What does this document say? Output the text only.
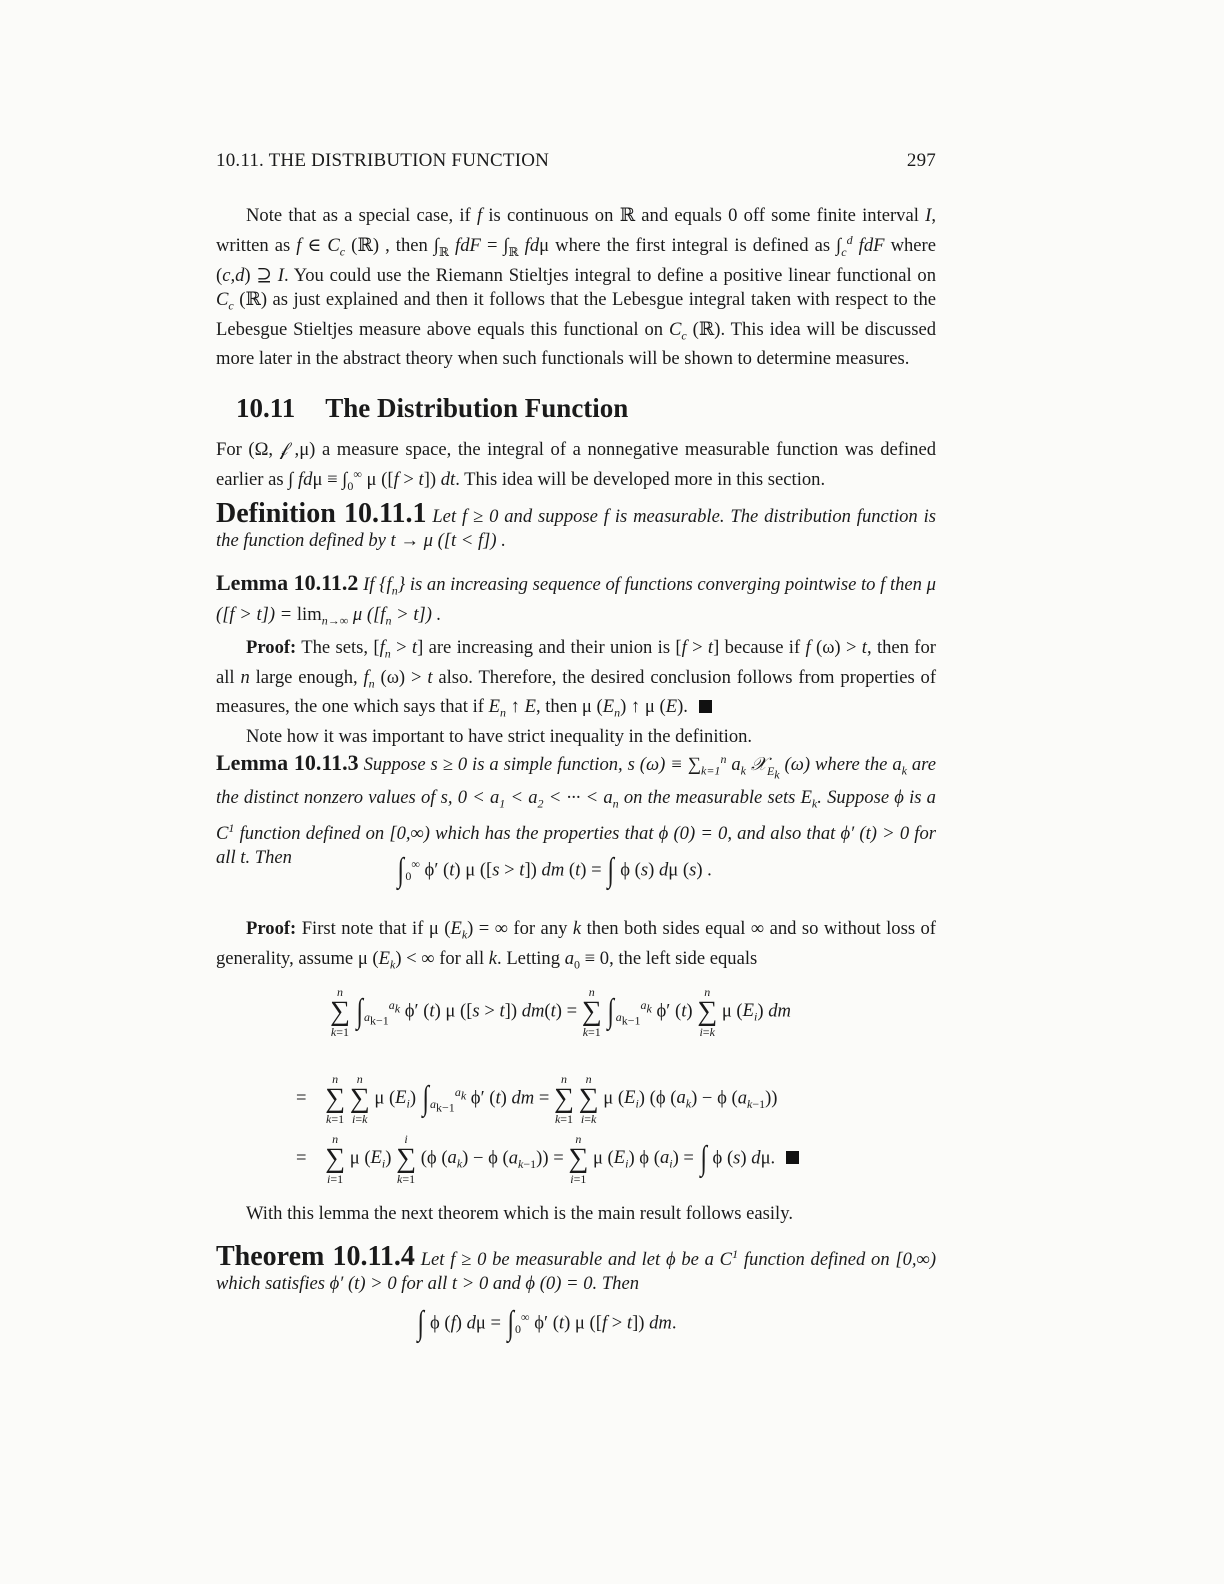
10.11. THE DISTRIBUTION FUNCTION	297

Note that as a special case, if f is continuous on ℝ and equals 0 off some finite interval I, written as f ∈ $C_c$ (ℝ) , then $\int_ℝ$ fdF = $\int_ℝ$ fdμ where the first integral is defined as $\int_c^d$ fdF where (c,d) ⊇ I. You could use the Riemann Stieltjes integral to define a positive linear functional on $C_c$ (ℝ) as just explained and then it follows that the Lebesgue integral taken with respect to the Lebesgue Stieltjes measure above equals this functional on $C_c$ (ℝ). This idea will be discussed more later in the abstract theory when such functionals will be shown to determine measures.

10.11 The Distribution Function

For (Ω, 𝒻 ,μ) a measure space, the integral of a nonnegative measurable function was defined earlier as ∫ $fd\mu \equiv \int_0^\infty$ μ ([f > t]) dt. This idea will be developed more in this section.

Definition 10.11.1 Let f ≥ 0 and suppose f is measurable. The distribution function is the function defined by t → μ ([t < f]) .

Lemma 10.11.2 If $\{f_n\}$ is an increasing sequence of functions converging pointwise to f then μ $([f > t]) = \lim_{n\to\infty} \mu$ $([f_n > t])$ .

Proof: The sets, $[f_n > t]$ are increasing and their union is [f > t] because if f (ω) > t, then for all n large enough, $f_n$ (ω) > t also. Therefore, the desired conclusion follows from properties of measures, the one which says that if $E_n$ ↑ E, then μ $(E_n)$ ↑ μ (E).

Note how it was important to have strict inequality in the definition.

Lemma 10.11.3 Suppose s ≥ 0 is a simple function, s $(\omega) \equiv \sum_{k=1}^n$ $a_k$ 𝒳$_{E_k}$ (ω) where the $a_k$ are the distinct nonzero values of s, $0 < a_1 < a_2$ < ··· < $a_n$ on the measurable sets $E_k$. Suppose ϕ is a $C^1$ function defined on [0,∞) which has the properties that ϕ (0) = 0, and also that ϕ′ (t) > 0 for all t. Then	$\int_0^\infty$ ϕ′ (t) μ ([s > t]) dm (t) = ∫ ϕ (s) dμ (s) .

Proof: First note that if μ $(E_k)$ = ∞ for any k then both sides equal ∞ and so without loss of generality, assume μ $(E_k)$ < ∞ for all k. Letting $a_0 \equiv 0$, the left side equals

n
∑
k=1 $\int_{a_{k-1}}^{a_k}$ ϕ′ (t) μ ([s > t]) dm(t) = n
∑
k=1 $\int_{a_{k-1}}^{a_k}$ ϕ′ (t) n
∑
i=k μ $(E_i)$ dm
=    n
∑
k=1 n
∑
i=k μ $(E_i)$ $\int_{a_{k-1}}^{a_k}$ ϕ′ (t) dm = n
∑
k=1 n
∑
i=k μ $(E_i)$ (ϕ $(a_k) - \phi$ $(a_{k-1})$)
=    n
∑
i=1 μ $(E_i)$ i
∑
k=1 (ϕ $(a_k) - \phi$ $(a_{k-1})) = n$
∑
i=1 μ $(E_i)$ ϕ $(a_i)$ = ∫ ϕ (s) dμ.

With this lemma the next theorem which is the main result follows easily.

Theorem 10.11.4 Let f ≥ 0 be measurable and let ϕ be a $C^1$ function defined on [0,∞) which satisfies ϕ′ (t) > 0 for all t > 0 and ϕ (0) = 0. Then

∫ ϕ (f) $d\mu = \int_0^\infty$ ϕ′ (t) μ ([f > t]) dm.
